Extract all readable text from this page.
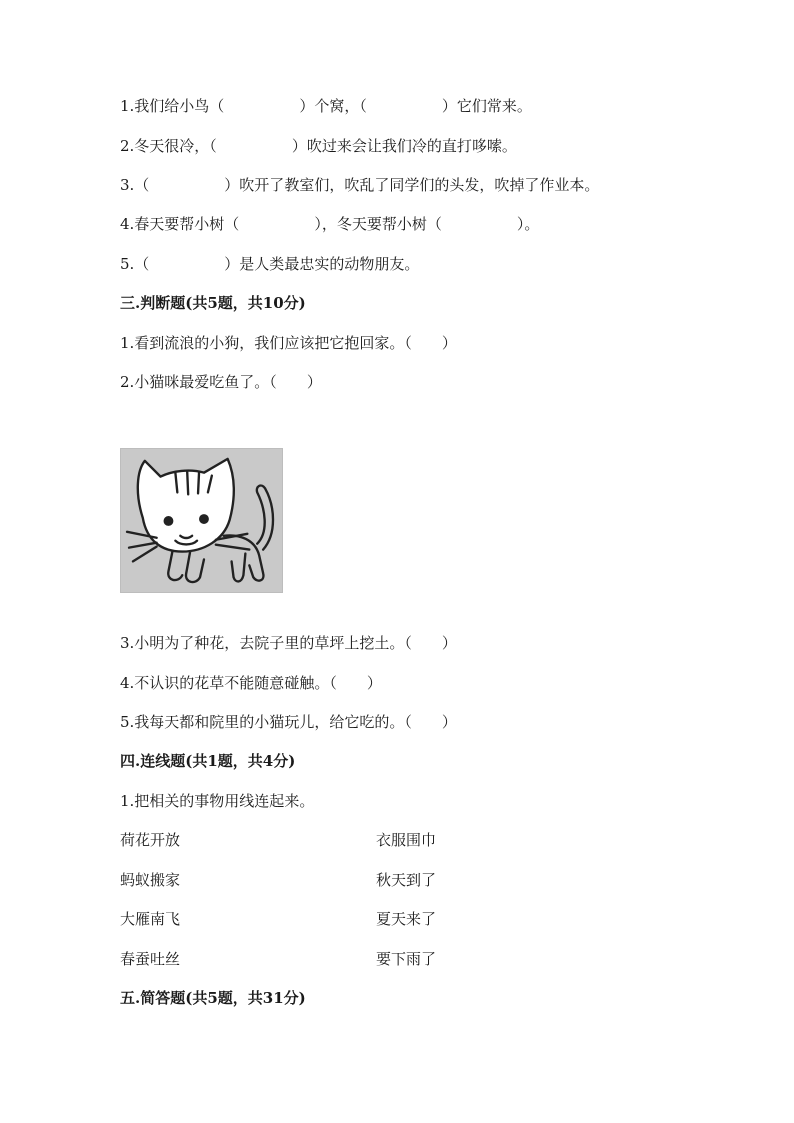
1.我们给小鸟（　　　　　）个窝，（　　　　　）它们常来。
2.冬天很冷，（　　　　　）吹过来会让我们冷的直打哆嗦。
3.（　　　　　）吹开了教室们，吹乱了同学们的头发，吹掉了作业本。
4.春天要帮小树（　　　　　），冬天要帮小树（　　　　　）。
5.（　　　　　）是人类最忠实的动物朋友。
三.判断题(共5题，共10分)
1.看到流浪的小狗，我们应该把它抱回家。（　　）
2.小猫咪最爱吃鱼了。（　　）
3.小明为了种花，去院子里的草坪上挖土。（　　）
4.不认识的花草不能随意碰触。（　　）
5.我每天都和院里的小猫玩儿，给它吃的。（　　）
四.连线题(共1题，共4分)
1.把相关的事物用线连起来。
荷花开放	衣服围巾
蚂蚁搬家	秋天到了
大雁南飞	夏天来了
春蚕吐丝	要下雨了
五.简答题(共5题，共31分)
